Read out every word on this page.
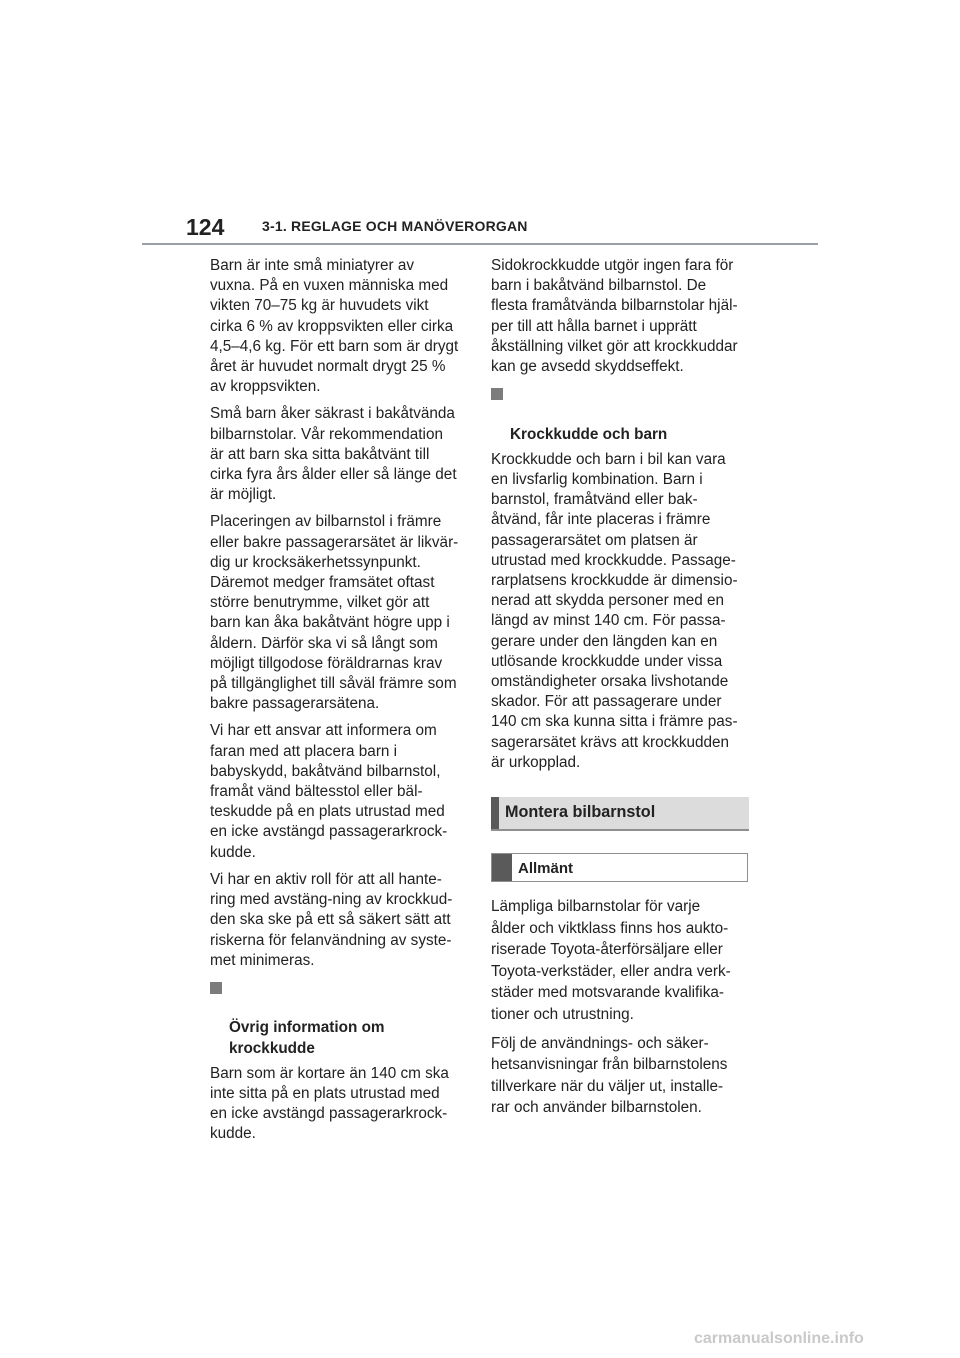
124	3-1. REGLAGE OCH MANÖVERORGAN

Barn är inte små miniatyrer av
vuxna. På en vuxen människa med
vikten 70–75 kg är huvudets vikt
cirka 6 % av kroppsvikten eller cirka
4,5–4,6 kg. För ett barn som är drygt
året är huvudet normalt drygt 25 %
av kroppsvikten.

Små barn åker säkrast i bakåtvända
bilbarnstolar. Vår rekommendation
är att barn ska sitta bakåtvänt till
cirka fyra års ålder eller så länge det
är möjligt.

Placeringen av bilbarnstol i främre
eller bakre passagerarsätet är likvär-
dig ur krocksäkerhetssynpunkt.
Däremot medger framsätet oftast
större benutrymme, vilket gör att
barn kan åka bakåtvänt högre upp i
åldern. Därför ska vi så långt som
möjligt tillgodose föräldrarnas krav
på tillgänglighet till såväl främre som
bakre passagerarsätena.

Vi har ett ansvar att informera om
faran med att placera barn i
babyskydd, bakåtvänd bilbarnstol,
framåt vänd bältesstol eller bäl-
teskudde på en plats utrustad med
en icke avstängd passagerarkrock-
kudde.

Vi har en aktiv roll för att all hante-
ring med avstäng-ning av krockkud-
den ska ske på ett så säkert sätt att
riskerna för felanvändning av syste-
met minimeras.

Övrig information om
krockkudde

Barn som är kortare än 140 cm ska
inte sitta på en plats utrustad med
en icke avstängd passagerarkrock-
kudde.

Sidokrockkudde utgör ingen fara för
barn i bakåtvänd bilbarnstol. De
flesta framåtvända bilbarnstolar hjäl-
per till att hålla barnet i upprätt
åkställning vilket gör att krockkuddar
kan ge avsedd skyddseffekt.

Krockkudde och barn

Krockkudde och barn i bil kan vara
en livsfarlig kombination. Barn i
barnstol, framåtvänd eller bak-
åtvänd, får inte placeras i främre
passagerarsätet om platsen är
utrustad med krockkudde. Passage-
rarplatsens krockkudde är dimensio-
nerad att skydda personer med en
längd av minst 140 cm. För passa-
gerare under den längden kan en
utlösande krockkudde under vissa
omständigheter orsaka livshotande
skador. För att passagerare under
140 cm ska kunna sitta i främre pas-
sagerarsätet krävs att krockkudden
är urkopplad.

Montera bilbarnstol
Allmänt

Lämpliga bilbarnstolar för varje
ålder och viktklass finns hos aukto-
riserade Toyota-återförsäljare eller
Toyota-verkstäder, eller andra verk-
städer med motsvarande kvalifika-
tioner och utrustning.

Följ de användnings- och säker-
hetsanvisningar från bilbarnstolens
tillverkare när du väljer ut, installe-
rar och använder bilbarnstolen.

carmanualsonline.info
